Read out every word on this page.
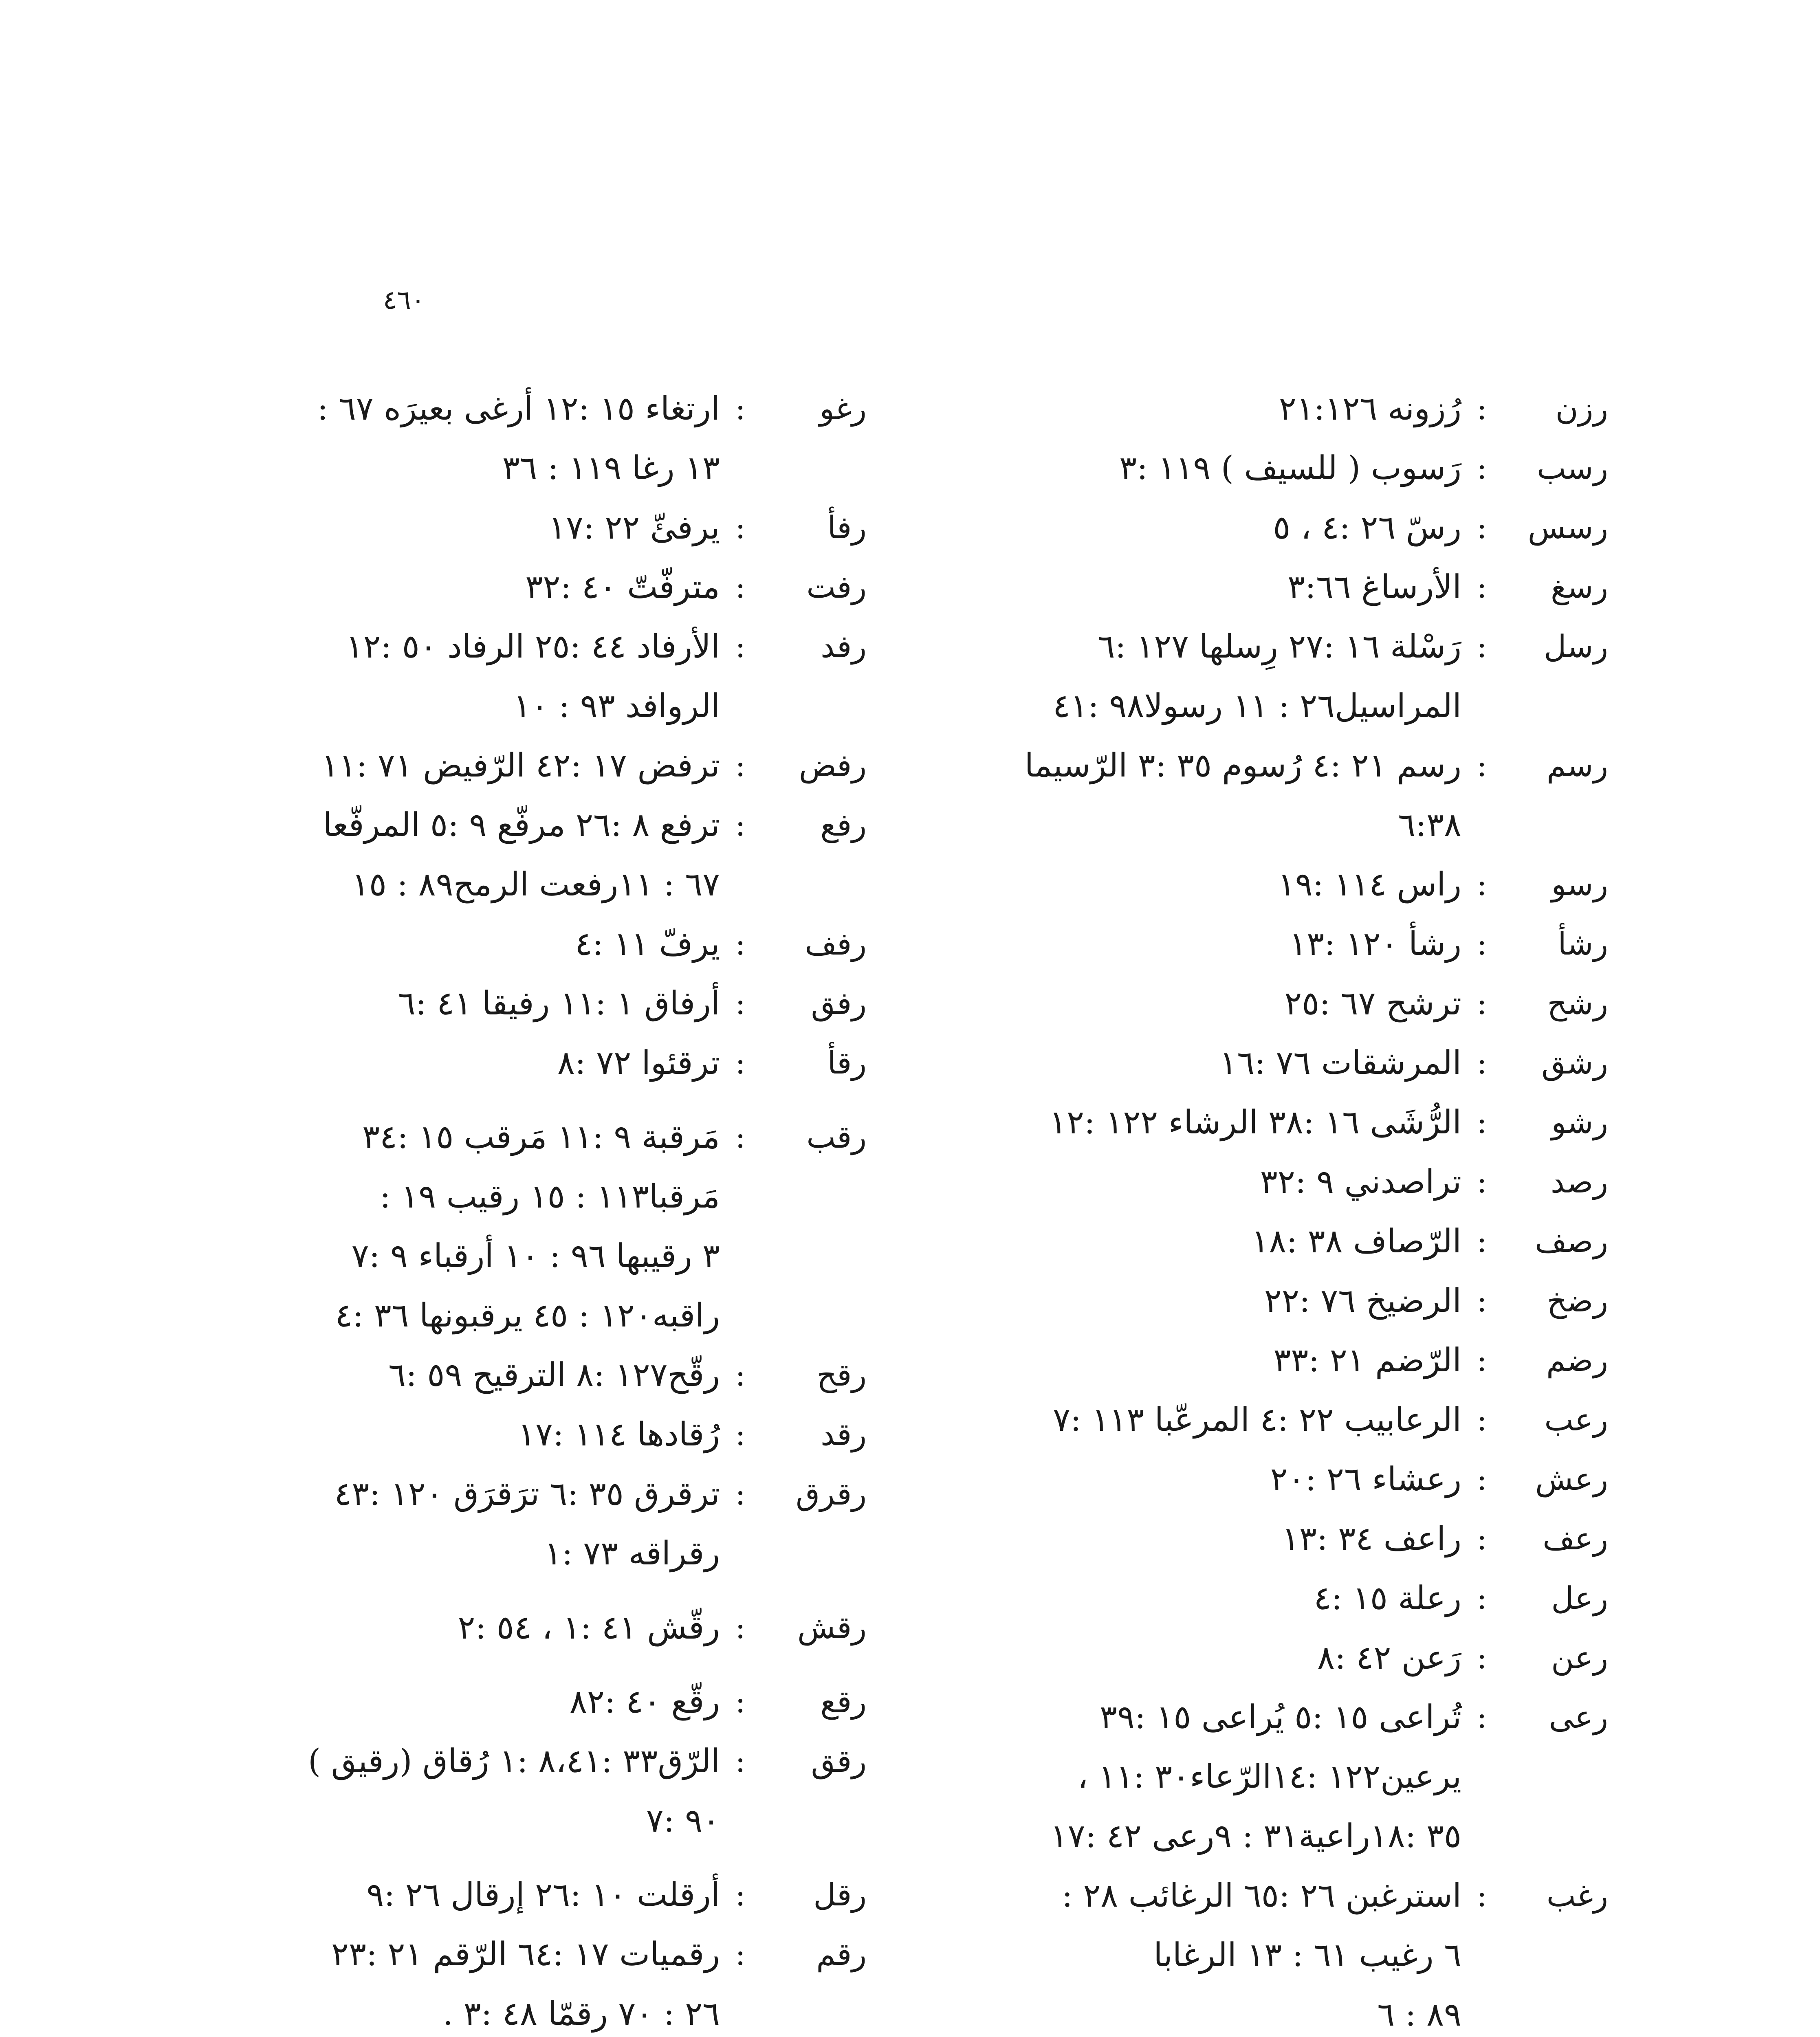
٤٦٠
رزن
:
رُزونه ٢١:١٢٦
رسب
:
رَسوب ( للسيف ) ١١٩ :٣
رسس
:
رسّ ٢٦ :٤ ، ٥
رسغ
:
الأرساغ ٣:٦٦
رسل
:
رَسْلة ١٦ :٢٧ رِسلها ١٢٧ :٦
المراسيل٢٦ : ١١ رسولا٩٨ :٤١
رسم
:
رسم ٢١ :٤ رُسوم ٣٥ :٣ الرّسيما
٦:٣٨
رسو
:
راس ١١٤ :١٩
رشأ
:
رشأ ١٢٠ :١٣
رشح
:
ترشح ٦٧ :٢٥
رشق
:
المرشقات ٧٦ :١٦
رشو
:
الرُّشَى ١٦ :٣٨ الرشاء ١٢٢ :١٢
رصد
:
تراصدني ٩ :٣٢
رصف
:
الرّصاف ٣٨ :١٨
رضخ
:
الرضيخ ٧٦ :٢٢
رضم
:
الرّضم ٢١ :٣٣
رعب
:
الرعابيب ٢٢ :٤ المرعّبا ١١٣ :٧
رعش
:
رعشاء ٢٦ :٢٠
رعف
:
راعف ٣٤ :١٣
رعل
:
رعلة ١٥ :٤
رعن
:
رَعن ٤٢ :٨
رعى
:
تُراعى ١٥ :٥ يُراعى ١٥ :٣٩
يرعين١٢٢ :١٤الرّعاء٣٠ :١١ ،
٣٥ :١٨راعية٣١ : ٩رعى ٤٢ :١٧
رغب
:
استرغبن ٢٦ :٦٥ الرغائب ٢٨ :
٦ رغيب ٦١ : ١٣ الرغابا
٨٩ : ٦
رغو
:
ارتغاء ١٥ :١٢ أرغى بعيرَه ٦٧ :
١٣ رغا ١١٩ : ٣٦
رفأ
:
يرفئّ ٢٢ :١٧
رفت
:
مترفّتّ ٤٠ :٣٢
رفد
:
الأرفاد ٤٤ :٢٥ الرفاد ٥٠ :١٢
الروافد ٩٣ : ١٠
رفض
:
ترفض ١٧ :٤٢ الرّفيض ٧١ :١١
رفع
:
ترفع ٨ :٢٦ مرفّع ٩ :٥ المرفّعا
٦٧ : ١١رفعت الرمح٨٩ : ١٥
رفف
:
يرفّ ١١ :٤
رفق
:
أرفاق ١ :١١ رفيقا ٤١ :٦
رقأ
:
ترقئوا ٧٢ :٨
رقب
:
مَرقبة ٩ :١١ مَرقب ١٥ :٣٤
مَرقبا١١٣ : ١٥ رقيب ١٩ :
٣ رقيبها ٩٦ : ١٠ أرقباء ٩ :٧
راقبه١٢٠ : ٤٥ يرقبونها ٣٦ :٤
رقح
:
رقّح١٢٧ :٨ الترقيح ٥٩ :٦
رقد
:
رُقادها ١١٤ :١٧
رقرق
:
ترقرق ٣٥ :٦ ترَقرَق ١٢٠ :٤٣
رقراقه ٧٣ :١
رقش
:
رقّش ٤١ :١ ، ٥٤ :٢
رقع
:
رقّع ٤٠ :٨٢
رقق
:
الرّق٣٣ :٨،٤١ :١ رُقاق (رقيق )
٩٠ :٧
رقل
:
أرقلت ١٠ :٢٦ إرقال ٢٦ :٩
رقم
:
رقميات ١٧ :٦٤ الرّقم ٢١ :٢٣
٢٦ : ٧٠ رقمّا ٤٨ :٣ .
